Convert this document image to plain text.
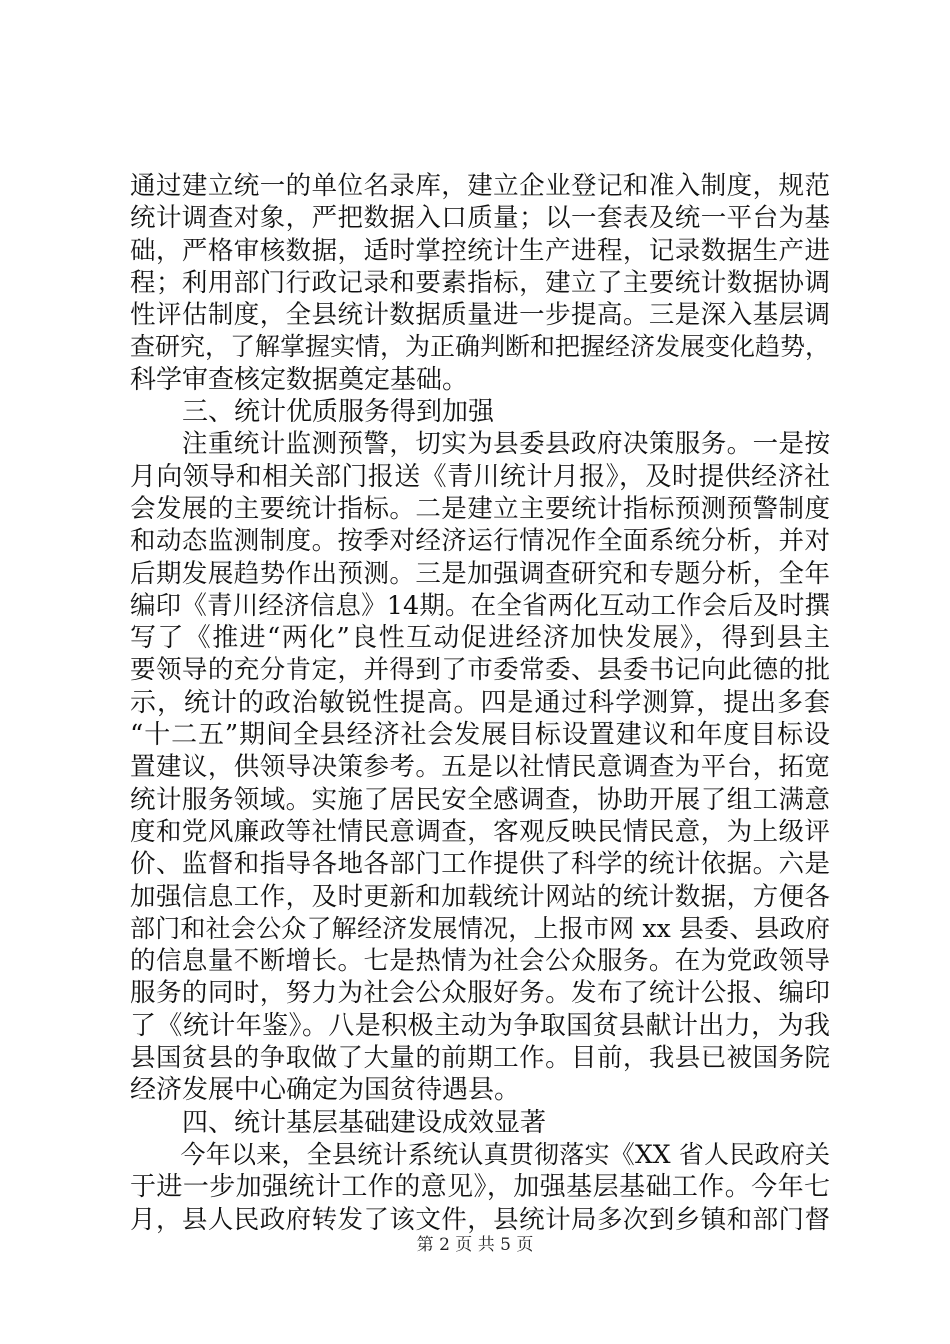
通过建立统一的单位名录库，建立企业登记和准入制度，规范
统计调查对象，严把数据入口质量；以一套表及统一平台为基
础，严格审核数据，适时掌控统计生产进程，记录数据生产进
程；利用部门行政记录和要素指标，建立了主要统计数据协调
性评估制度，全县统计数据质量进一步提高。三是深入基层调
查研究，了解掌握实情，为正确判断和把握经济发展变化趋势，
科学审查核定数据奠定基础。
三、统计优质服务得到加强
　　注重统计监测预警，切实为县委县政府决策服务。一是按
月向领导和相关部门报送《青川统计月报》，及时提供经济社
会发展的主要统计指标。二是建立主要统计指标预测预警制度
和动态监测制度。按季对经济运行情况作全面系统分析，并对
后期发展趋势作出预测。三是加强调查研究和专题分析，全年
编印《青川经济信息》14期。在全省两化互动工作会后及时撰
写了《推进“两化”良性互动促进经济加快发展》，得到县主
要领导的充分肯定，并得到了市委常委、县委书记向此德的批
示，统计的政治敏锐性提高。四是通过科学测算，提出多套
“十二五”期间全县经济社会发展目标设置建议和年度目标设
置建议，供领导决策参考。五是以社情民意调查为平台，拓宽
统计服务领域。实施了居民安全感调查，协助开展了组工满意
度和党风廉政等社情民意调查，客观反映民情民意，为上级评
价、监督和指导各地各部门工作提供了科学的统计依据。六是
加强信息工作，及时更新和加载统计网站的统计数据，方便各
部门和社会公众了解经济发展情况，上报市网 xx 县委、县政府
的信息量不断增长。七是热情为社会公众服务。在为党政领导
服务的同时，努力为社会公众服好务。发布了统计公报、编印
了《统计年鉴》。八是积极主动为争取国贫县献计出力，为我
县国贫县的争取做了大量的前期工作。目前，我县已被国务院
经济发展中心确定为国贫待遇县。
四、统计基层基础建设成效显著
　　今年以来，全县统计系统认真贯彻落实《XX 省人民政府关
于进一步加强统计工作的意见》，加强基层基础工作。今年七
月，县人民政府转发了该文件，县统计局多次到乡镇和部门督
第 2 页 共 5 页
